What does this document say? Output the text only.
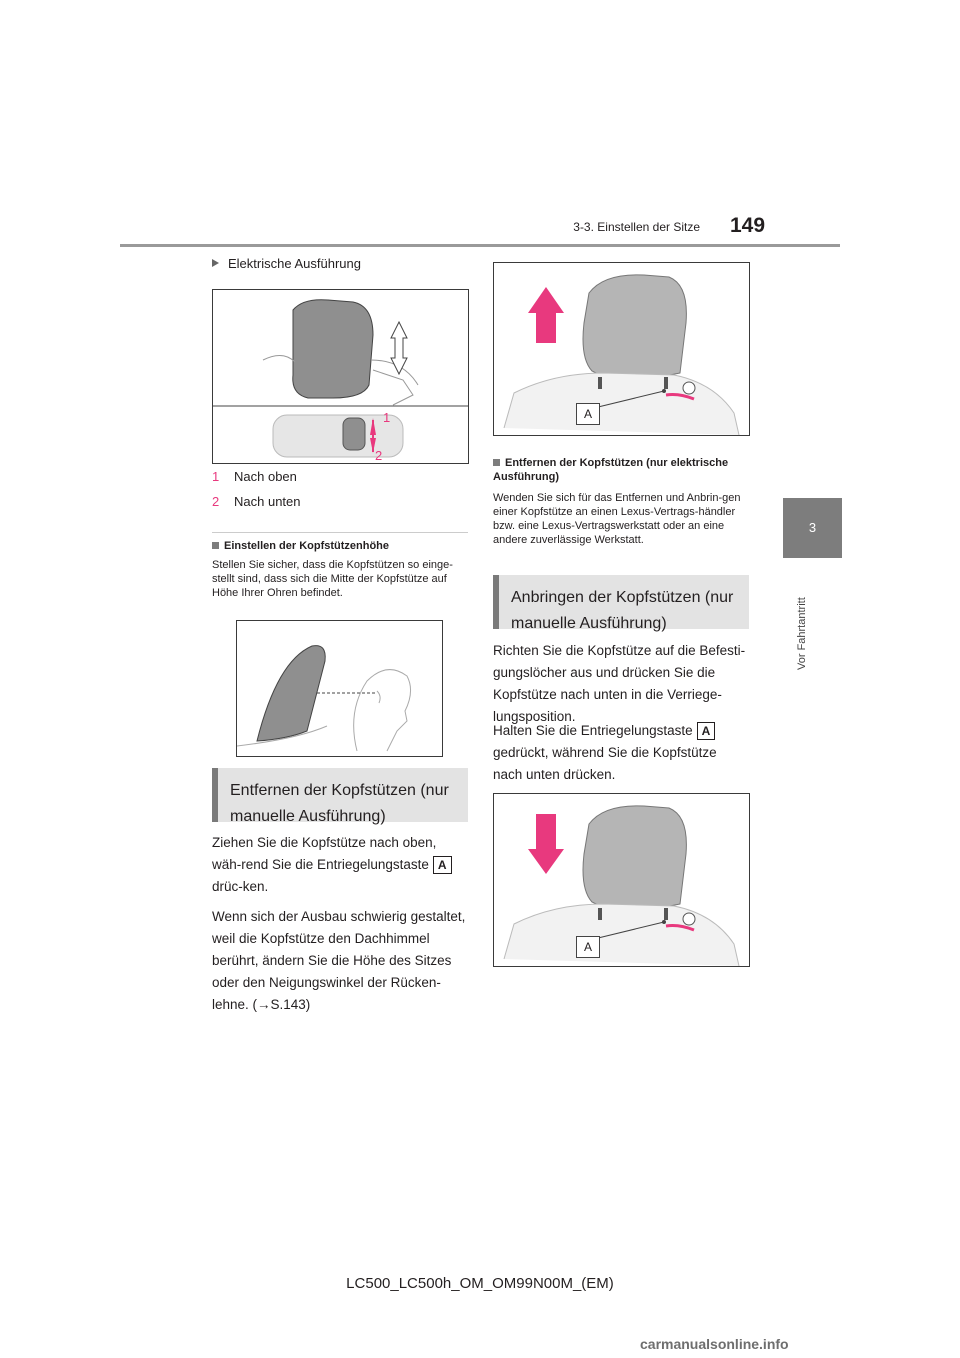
3-3. Einstellen der Sitze 149
3
Vor Fahrtantritt
Elektrische Ausführung
1
2
1 Nach oben
2 Nach unten
Einstellen der Kopfstützenhöhe
Stellen Sie sicher, dass die Kopfstützen so einge-stellt sind, dass sich die Mitte der Kopfstütze auf Höhe Ihrer Ohren befindet.
Entfernen der Kopfstützen (nur manuelle Ausführung)
Ziehen Sie die Kopfstütze nach oben, wäh-rend Sie die Entriegelungstaste Adrüc-ken.
Wenn sich der Ausbau schwierig gestaltet, weil die Kopfstütze den Dachhimmel berührt, ändern Sie die Höhe des Sitzes oder den Neigungswinkel der Rücken-lehne. (→S.143)
A
Entfernen der Kopfstützen (nur elektrische Ausführung)
Wenden Sie sich für das Entfernen und Anbrin-gen einer Kopfstütze an einen Lexus-Vertrags-händler bzw. eine Lexus-Vertragswerkstatt oder an eine andere zuverlässige Werkstatt.
Anbringen der Kopfstützen (nur manuelle Ausführung)
Richten Sie die Kopfstütze auf die Befesti-gungslöcher aus und drücken Sie die Kopfstütze nach unten in die Verriege-lungsposition.
Halten Sie die Entriegelungstaste Agedrückt, während Sie die Kopfstütze nach unten drücken.
A
LC500_LC500h_OM_OM99N00M_(EM)
carmanualsonline.info
